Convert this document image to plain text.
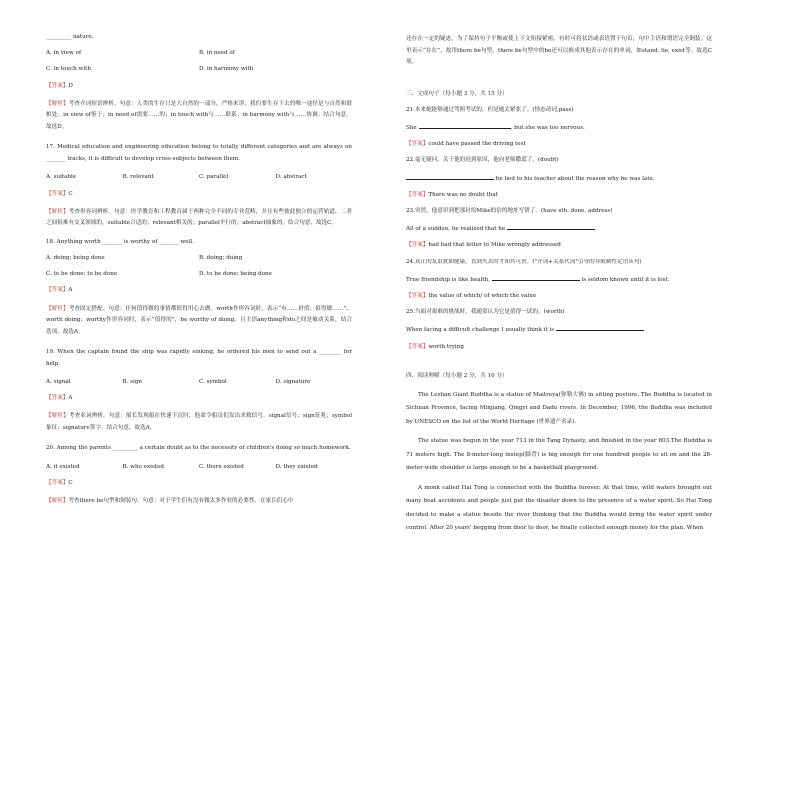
_________ nature.
A. in view of	B. in need of
C. in touch with	D. in harmony with
【答案】D
【解析】考查介词短语辨析。句意：人类的生存只是大自然的一部分，严格来讲，我们要生存下去的唯一途径是与自然和谐相处。in view of鉴于；in need of需要……的；in touch with与……联系；in harmony with与……协调。结合句意，故选D。
17. Medical education and engineering education belong to totally different categories and are always on _______ tracks, it is difficult to develop cross-subjects between them.
A. suitable	B. relevant	C. parallel	D. abstract
【答案】C
【解析】考查形容词辨析。句意：医学教育和工程教育属于两种完全不同的专业范畴，并且有些彼此独立的运营轨道，二者之间很难有交叉领域的。suitable合适的；relevant相关的；parallel平行的；abstract抽象的。结合句意，故选C。
18. Anything worth _______ is worthy of _______ well.
A. doing; being done	B. doing; doing
C. to be done; to be done	D. to be done; being done
【答案】A
【解析】考查固定搭配。句意：任何值得做的事情都值得用心去做。worth作形容词时，表示“有……价值；值得做……”，worth doing；worthy作形容词时，表示“值得的”，be worthy of doing。且主语anything和do之间是被动关系，结合选项，故选A。
19. When the captain found the ship was rapidly sinking, he ordered his men to send out a ________ for help.
A. signal	B. sign	C. symbol	D. signature
【答案】A
【解析】考查名词辨析。句意：船长发现船在快速下沉时，他命令船员们发出求救信号。signal信号；sign征兆；symbol象征；signature签字。结合句意，故选A。
20. Among the parents _________ a certain doubt as to the necessity of children's doing so much homework.
A. it existed	B. who existed	C. there existed	D. they existed
【答案】C
【解析】考查there be句型和倒装句。句意：对于学生们有没有做太多作业的必要性，在家长们心中
还存在一定的疑虑。为了保持句子平衡或使上下文衔接紧密，有时可将状语或表语置于句首，句中主语和谓语完全倒装。这里表示“存在”，故用there be句型。there be句型中的be还可以换成其他表示存在的单词，如stand, lie, exist等。故选C项。
三、完成句子（每小题 3 分，共 15 分）
21.本来她能够通过驾照考试的，但是她太紧张了。(情态动词,pass)
She	, but she was too nervous.
【答案】could have passed the driving test
22.毫无疑问，关于他的迟到原因，他向老师撒谎了。(doubt)
he lied to his teacher about the reason why he was late.
【答案】There was no doubt that
23.突然，他意识到把那封给Mike的信的地址写错了。(have sth. done, address)
All of a sudden, he realized that he
【答案】had had that letter to Mike wrongly addressed
24.真正的友谊犹如健康，直到失去时才知其可贵。("介词+关系代词"引导的非限制性定语从句)
True friendship is like health,	is seldom known until it is lost.
【答案】the value of which/ of which the value
25.当面对艰难的挑战时，我通常认为它是值得一试的。(worth)
When facing a difficult challenge I usually think it is
【答案】worth trying
四、阅读理解（每小题 2 分，共 10 分）
The Leshan Giant Buddha is a statue of Maitreya(弥勒大佛) in sitting posture. The Buddha is located in Sichuan Province, facing Minjiang, Qingyi and Dadu rivers. In December, 1996, the Buddha was included by UNESCO on the list of the World Heritage (世界遗产名录).
The statue was begun in the year 713 in the Tang Dynasty, and finished in the year 803.The Buddha is 71 meters high. The 8-meter-long instep(脚背) is big enough for one hundred people to sit on and the 28-meter-wide shoulder is large enough to be a basketball playground.
A monk called Hai Tong is connected with the Buddha forever. At that time, wild waters brought out many boat accidents and people just put the disaster down to the presence of a water spirit. So Hai Tong decided to make a statue beside the river thinking that the Buddha would bring the water spirit under control. After 20 years' begging from door to door, he finally collected enough money for the plan. When
